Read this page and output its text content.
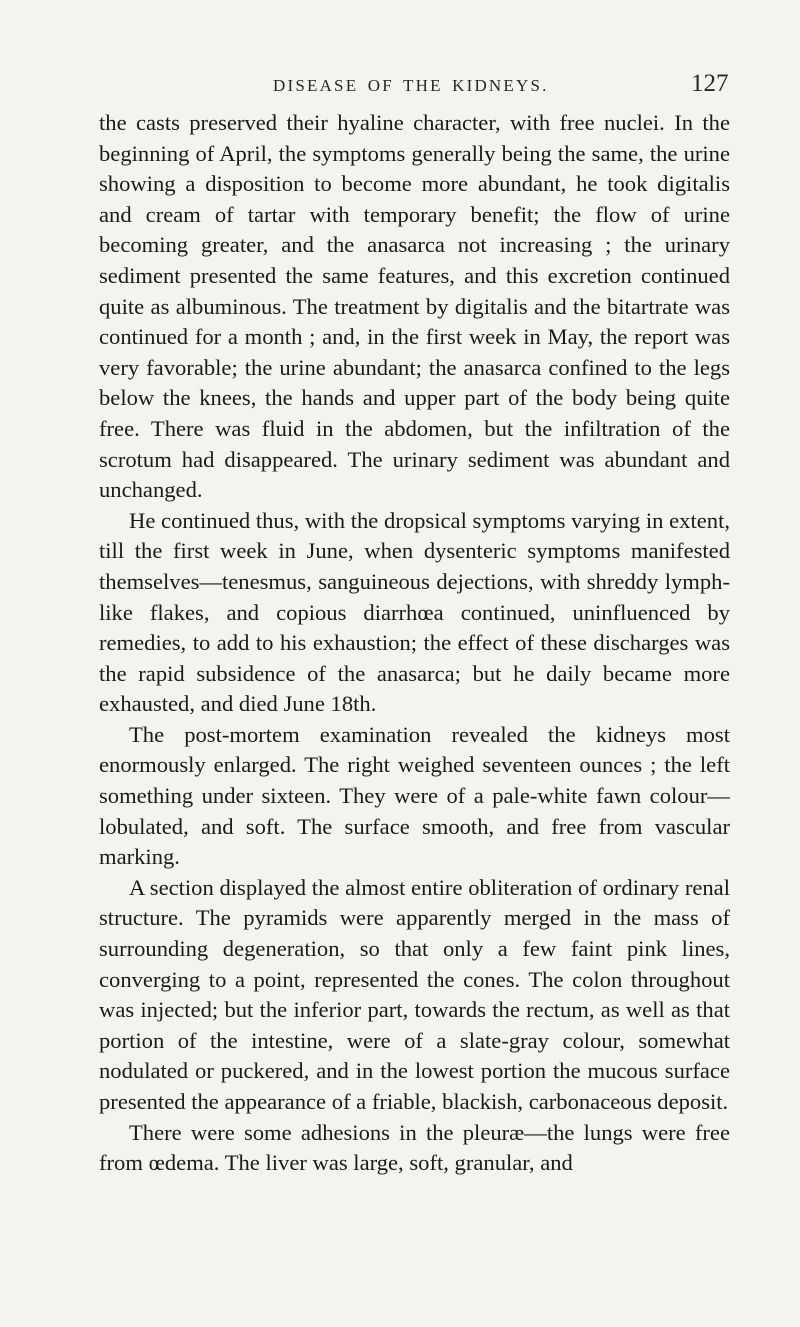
DISEASE OF THE KIDNEYS.	127

the casts preserved their hyaline character, with free nuclei. In the beginning of April, the symptoms generally being the same, the urine showing a disposition to become more abundant, he took digitalis and cream of tartar with temporary benefit; the flow of urine becoming greater, and the anasarca not increasing ; the urinary sediment presented the same features, and this excretion continued quite as albuminous. The treatment by digitalis and the bitartrate was continued for a month ; and, in the first week in May, the report was very favorable; the urine abundant; the anasarca confined to the legs below the knees, the hands and upper part of the body being quite free. There was fluid in the abdomen, but the infiltration of the scrotum had disappeared. The urinary sediment was abundant and unchanged.

He continued thus, with the dropsical symptoms varying in extent, till the first week in June, when dysenteric symptoms manifested themselves—tenesmus, sanguineous dejections, with shreddy lymph-like flakes, and copious diarrhœa continued, uninfluenced by remedies, to add to his exhaustion; the effect of these discharges was the rapid subsidence of the anasarca; but he daily became more exhausted, and died June 18th.

The post-mortem examination revealed the kidneys most enormously enlarged. The right weighed seventeen ounces ; the left something under sixteen. They were of a pale-white fawn colour—lobulated, and soft. The surface smooth, and free from vascular marking.

A section displayed the almost entire obliteration of ordinary renal structure. The pyramids were apparently merged in the mass of surrounding degeneration, so that only a few faint pink lines, converging to a point, represented the cones. The colon throughout was injected; but the inferior part, towards the rectum, as well as that portion of the intestine, were of a slate-gray colour, somewhat nodulated or puckered, and in the lowest portion the mucous surface presented the appearance of a friable, blackish, carbonaceous deposit.

There were some adhesions in the pleuræ—the lungs were free from œdema. The liver was large, soft, granular, and
